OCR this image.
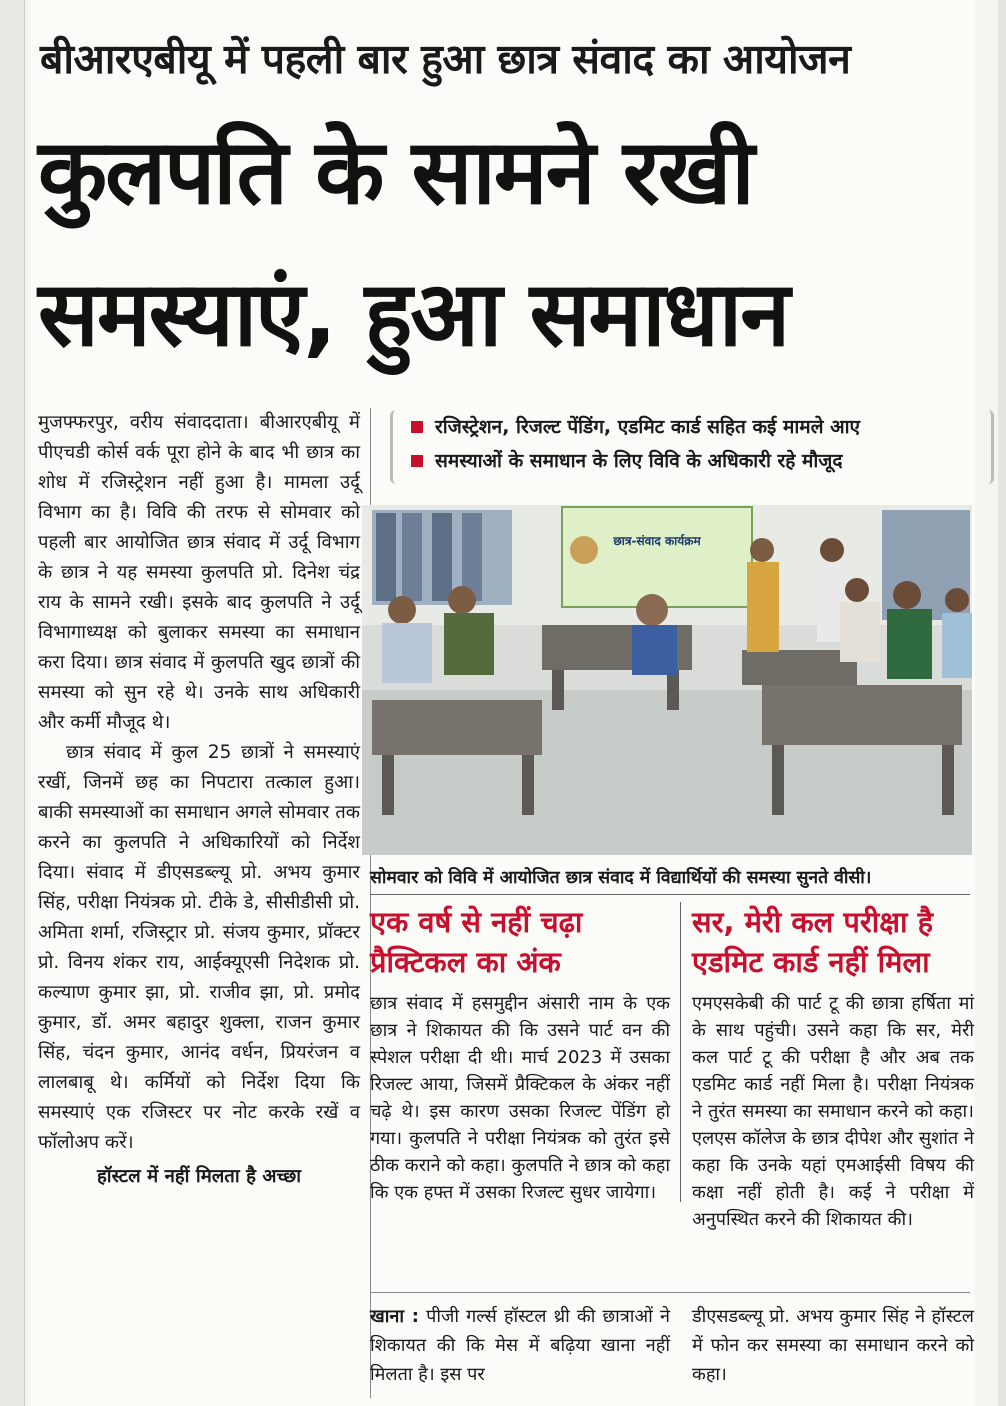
बीआरएबीयू में पहली बार हुआ छात्र संवाद का आयोजन
कुलपति के सामने रखी
समस्याएं, हुआ समाधान

मुजफ्फरपुर, वरीय संवाददाता। बीआरएबीयू में पीएचडी कोर्स वर्क पूरा होने के बाद भी छात्र का शोध में रजिस्ट्रेशन नहीं हुआ है। मामला उर्दू विभाग का है। विवि की तरफ से सोमवार को पहली बार आयोजित छात्र संवाद में उर्दू विभाग के छात्र ने यह समस्या कुलपति प्रो. दिनेश चंद्र राय के सामने रखी। इसके बाद कुलपति ने उर्दू विभागाध्यक्ष को बुलाकर समस्या का समाधान करा दिया। छात्र संवाद में कुलपति खुद छात्रों की समस्या को सुन रहे थे। उनके साथ अधिकारी और कर्मी मौजूद थे।

छात्र संवाद में कुल 25 छात्रों ने समस्याएं रखीं, जिनमें छह का निपटारा तत्काल हुआ। बाकी समस्याओं का समाधान अगले सोमवार तक करने का कुलपति ने अधिकारियों को निर्देश दिया। संवाद में डीएसडब्ल्यू प्रो. अभय कुमार सिंह, परीक्षा नियंत्रक प्रो. टीके डे, सीसीडीसी प्रो. अमिता शर्मा, रजिस्ट्रार प्रो. संजय कुमार, प्रॉक्टर प्रो. विनय शंकर राय, आईक्यूएसी निदेशक प्रो. कल्याण कुमार झा, प्रो. राजीव झा, प्रो. प्रमोद कुमार, डॉ. अमर बहादुर शुक्ला, राजन कुमार सिंह, चंदन कुमार, आनंद वर्धन, प्रियरंजन व लालबाबू थे। कर्मियों को निर्देश दिया कि समस्याएं एक रजिस्टर पर नोट करके रखें व फॉलोअप करें।

हॉस्टल में नहीं मिलता है अच्छा

रजिस्ट्रेशन, रिजल्ट पेंडिंग, एडमिट कार्ड सहित कई मामले आए
समस्याओं के समाधान के लिए विवि के अधिकारी रहे मौजूद
छात्र-संवाद कार्यक्रम
सोमवार को विवि में आयोजित छात्र संवाद में विद्यार्थियों की समस्या सुनते वीसी।
एक वर्ष से नहीं चढ़ा
प्रैक्टिकल का अंक
छात्र संवाद में हसमुद्दीन अंसारी नाम के एक छात्र ने शिकायत की कि उसने पार्ट वन की स्पेशल परीक्षा दी थी। मार्च 2023 में उसका रिजल्ट आया, जिसमें प्रैक्टिकल के अंकर नहीं चढ़े थे। इस कारण उसका रिजल्ट पेंडिंग हो गया। कुलपति ने परीक्षा नियंत्रक को तुरंत इसे ठीक कराने को कहा। कुलपति ने छात्र को कहा कि एक हफ्त में उसका रिजल्ट सुधर जायेगा।
सर, मेरी कल परीक्षा है
एडमिट कार्ड नहीं मिला
एमएसकेबी की पार्ट टू की छात्रा हर्षिता मां के साथ पहुंची। उसने कहा कि सर, मेरी कल पार्ट टू की परीक्षा है और अब तक एडमिट कार्ड नहीं मिला है। परीक्षा नियंत्रक ने तुरंत समस्या का समाधान करने को कहा। एलएस कॉलेज के छात्र दीपेश और सुशांत ने कहा कि उनके यहां एमआईसी विषय की कक्षा नहीं होती है। कई ने परीक्षा में अनुपस्थित करने की शिकायत की।
खाना : पीजी गर्ल्स हॉस्टल थ्री की छात्राओं ने शिकायत की कि मेस में बढ़िया खाना नहीं मिलता है। इस पर
डीएसडब्ल्यू प्रो. अभय कुमार सिंह ने हॉस्टल में फोन कर समस्या का समाधान करने को कहा।
